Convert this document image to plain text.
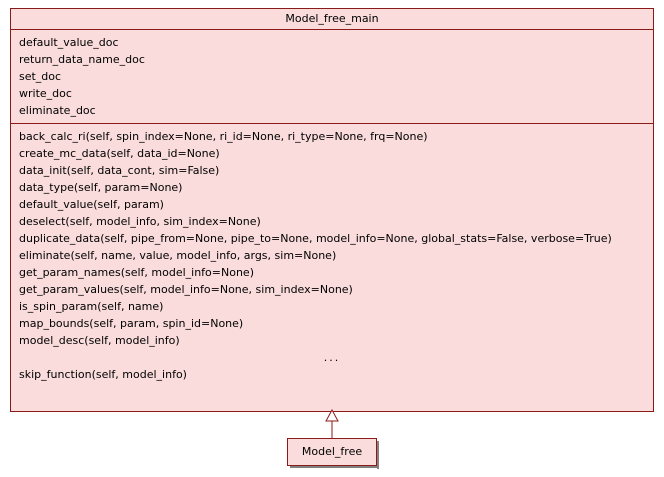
Model_free_main
default_value_doc
return_data_name_doc
set_doc
write_doc
eliminate_doc
back_calc_ri(self, spin_index=None, ri_id=None, ri_type=None, frq=None)
create_mc_data(self, data_id=None)
data_init(self, data_cont, sim=False)
data_type(self, param=None)
default_value(self, param)
deselect(self, model_info, sim_index=None)
duplicate_data(self, pipe_from=None, pipe_to=None, model_info=None, global_stats=False, verbose=True)
eliminate(self, name, value, model_info, args, sim=None)
get_param_names(self, model_info=None)
get_param_values(self, model_info=None, sim_index=None)
is_spin_param(self, name)
map_bounds(self, param, spin_id=None)
model_desc(self, model_info)
...
skip_function(self, model_info)
Model_free
